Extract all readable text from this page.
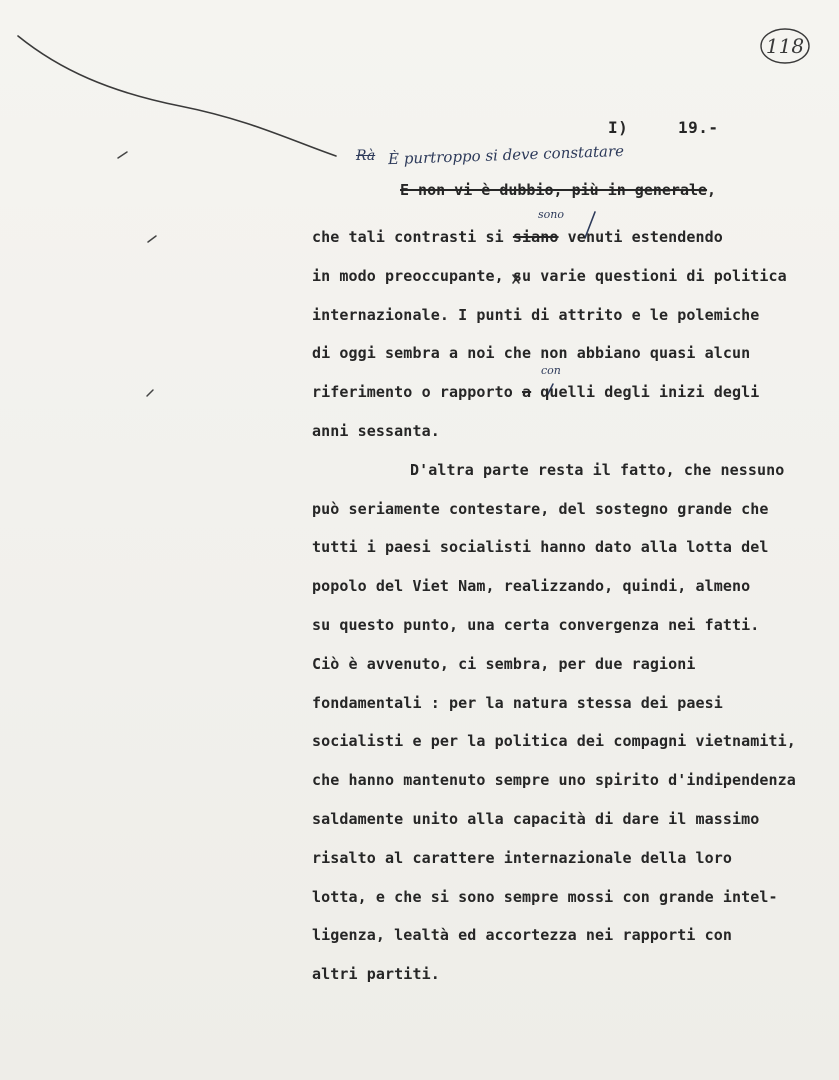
118
I)	19.-
Rà È purtroppo si deve constatare
E non vi è dubbio, più in generale,
sono
con
che tali contrasti si siano venuti estendendo
in modo preoccupante, su varie questioni di politica
internazionale. I punti di attrito e le polemiche
di oggi sembra a noi che non abbiano quasi alcun
riferimento o rapporto a quelli degli inizi degli
anni sessanta.
D'altra parte resta il fatto, che nessuno
può seriamente contestare, del sostegno grande che
tutti i paesi socialisti hanno dato alla lotta del
popolo del Viet Nam, realizzando, quindi, almeno
su questo punto, una certa convergenza nei fatti.
Ciò è avvenuto, ci sembra, per due ragioni
fondamentali : per la natura stessa dei paesi
socialisti e per la politica dei compagni vietnamiti,
che hanno mantenuto sempre uno spirito d'indipendenza
saldamente unito alla capacità di dare il massimo
risalto al carattere internazionale della loro
lotta, e che si sono sempre mossi con grande intel-
ligenza, lealtà ed accortezza nei rapporti con
altri partiti.
